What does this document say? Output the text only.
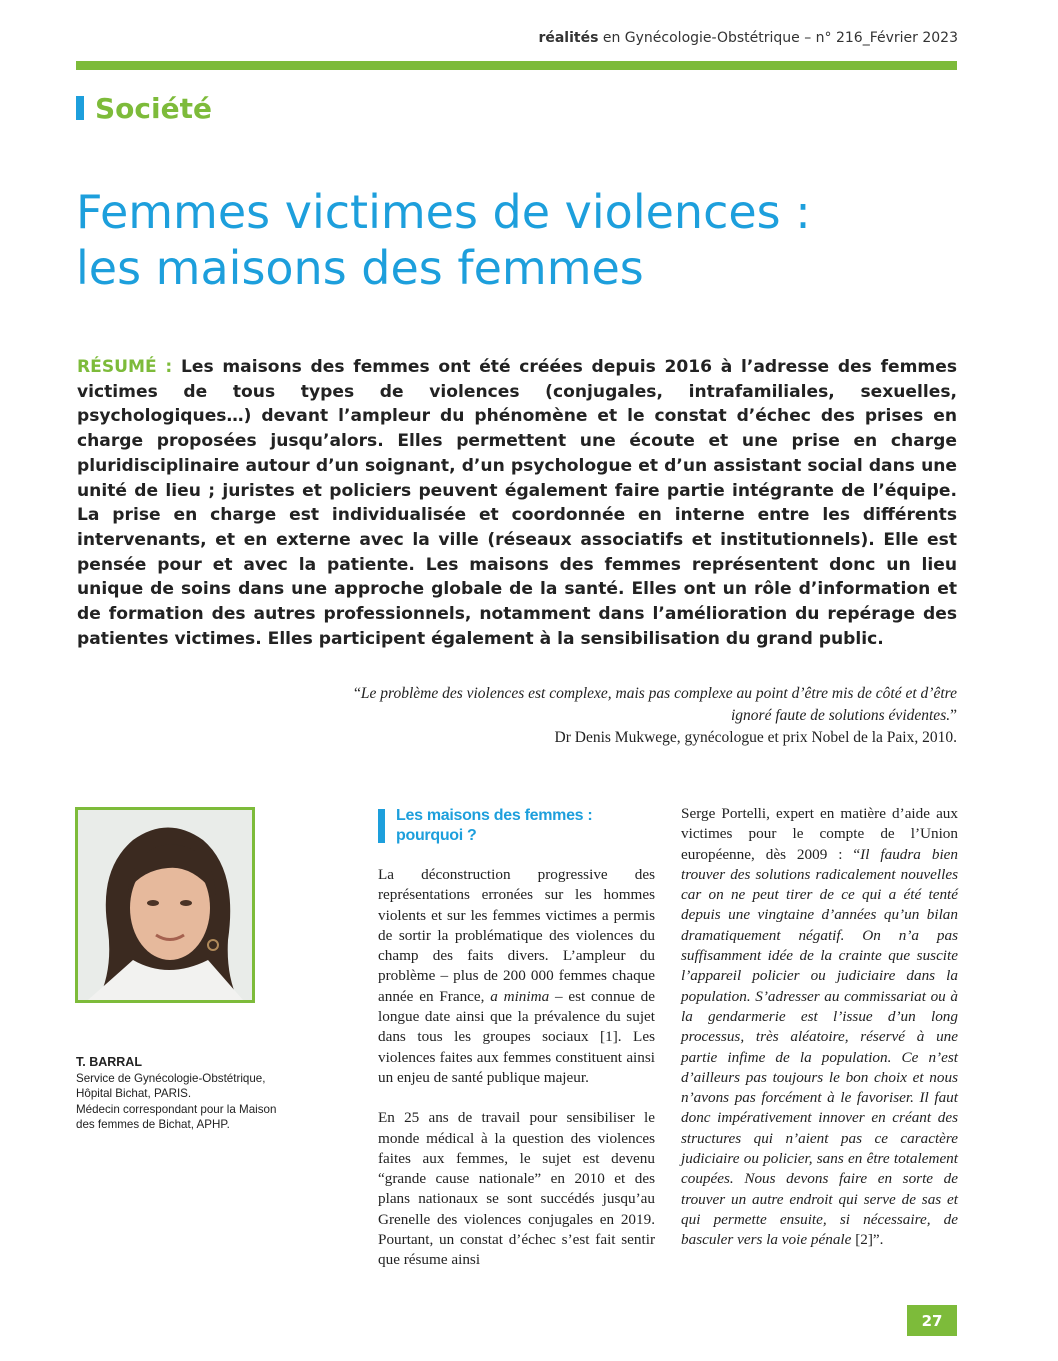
réalités en Gynécologie-Obstétrique – n° 216_Février 2023
Société
Femmes victimes de violences :
les maisons des femmes
RÉSUMÉ : Les maisons des femmes ont été créées depuis 2016 à l’adresse des femmes victimes de tous types de violences (conjugales, intrafamiliales, sexuelles, psychologiques…) devant l’ampleur du phénomène et le constat d’échec des prises en charge proposées jusqu’alors. Elles permettent une écoute et une prise en charge pluridisciplinaire autour d’un soignant, d’un psychologue et d’un assistant social dans une unité de lieu ; juristes et policiers peuvent également faire partie intégrante de l’équipe. La prise en charge est individualisée et coordonnée en interne entre les différents intervenants, et en externe avec la ville (réseaux associatifs et institutionnels). Elle est pensée pour et avec la patiente. Les maisons des femmes représentent donc un lieu unique de soins dans une approche globale de la santé. Elles ont un rôle d’information et de formation des autres professionnels, notamment dans l’amélioration du repérage des patientes victimes. Elles participent également à la sensibilisation du grand public.
“Le problème des violences est complexe, mais pas complexe au point d’être mis de côté et d’être ignoré faute de solutions évidentes.”
Dr Denis Mukwege, gynécologue et prix Nobel de la Paix, 2010.
T. BARRAL
Service de Gynécologie-Obstétrique,
Hôpital Bichat, PARIS.
Médecin correspondant pour la Maison
des femmes de Bichat, APHP.
Les maisons des femmes : pourquoi ?

La déconstruction progressive des représentations erronées sur les hommes violents et sur les femmes victimes a permis de sortir la problématique des violences du champ des faits divers. L’ampleur du problème – plus de 200 000 femmes chaque année en France, a minima – est connue de longue date ainsi que la prévalence du sujet dans tous les groupes sociaux [1]. Les violences faites aux femmes constituent ainsi un enjeu de santé publique majeur.

En 25 ans de travail pour sensibiliser le monde médical à la question des violences faites aux femmes, le sujet est devenu “grande cause nationale” en 2010 et des plans nationaux se sont succédés jusqu’au Grenelle des violences conjugales en 2019. Pourtant, un constat d’échec s’est fait sentir que résume ainsi

Serge Portelli, expert en matière d’aide aux victimes pour le compte de l’Union européenne, dès 2009 : “Il faudra bien trouver des solutions radicalement nouvelles car on ne peut tirer de ce qui a été tenté depuis une vingtaine d’années qu’un bilan dramatiquement négatif. On n’a pas suffisamment idée de la crainte que suscite l’appareil policier ou judiciaire dans la population. S’adresser au commissariat ou à la gendarmerie est l’issue d’un long processus, très aléatoire, réservé à une partie infime de la population. Ce n’est d’ailleurs pas toujours le bon choix et nous n’avons pas forcément à le favoriser. Il faut donc impérativement innover en créant des structures qui n’aient pas ce caractère judiciaire ou policier, sans en être totalement coupées. Nous devons faire en sorte de trouver un autre endroit qui serve de sas et qui permette ensuite, si nécessaire, de basculer vers la voie pénale [2]”.

27
